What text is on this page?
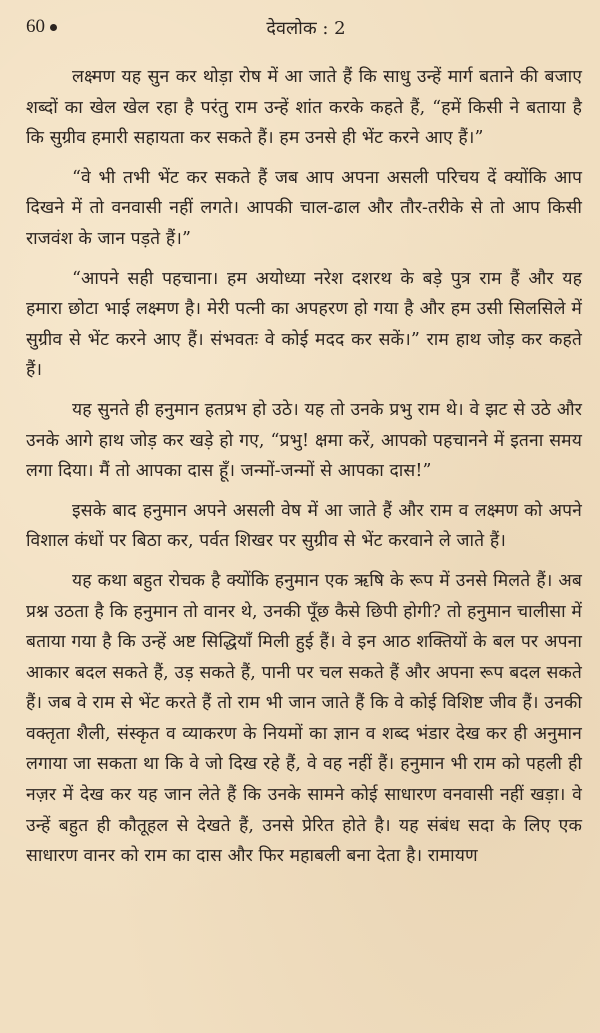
60	देवलोक : 2

लक्ष्मण यह सुन कर थोड़ा रोष में आ जाते हैं कि साधु उन्हें मार्ग बताने की बजाए शब्दों का खेल खेल रहा है परंतु राम उन्हें शांत करके कहते हैं, “हमें किसी ने बताया है कि सुग्रीव हमारी सहायता कर सकते हैं। हम उनसे ही भेंट करने आए हैं।”

“वे भी तभी भेंट कर सकते हैं जब आप अपना असली परिचय दें क्योंकि आप दिखने में तो वनवासी नहीं लगते। आपकी चाल-ढाल और तौर-तरीके से तो आप किसी राजवंश के जान पड़ते हैं।”

“आपने सही पहचाना। हम अयोध्या नरेश दशरथ के बड़े पुत्र राम हैं और यह हमारा छोटा भाई लक्ष्मण है। मेरी पत्नी का अपहरण हो गया है और हम उसी सिलसिले में सुग्रीव से भेंट करने आए हैं। संभवतः वे कोई मदद कर सकें।” राम हाथ जोड़ कर कहते हैं।

यह सुनते ही हनुमान हतप्रभ हो उठे। यह तो उनके प्रभु राम थे। वे झट से उठे और उनके आगे हाथ जोड़ कर खड़े हो गए, “प्रभु! क्षमा करें, आपको पहचानने में इतना समय लगा दिया। मैं तो आपका दास हूँ। जन्मों-जन्मों से आपका दास!”

इसके बाद हनुमान अपने असली वेष में आ जाते हैं और राम व लक्ष्मण को अपने विशाल कंधों पर बिठा कर, पर्वत शिखर पर सुग्रीव से भेंट करवाने ले जाते हैं।

यह कथा बहुत रोचक है क्योंकि हनुमान एक ऋषि के रूप में उनसे मिलते हैं। अब प्रश्न उठता है कि हनुमान तो वानर थे, उनकी पूँछ कैसे छिपी होगी? तो हनुमान चालीसा में बताया गया है कि उन्हें अष्ट सिद्धियाँ मिली हुई हैं। वे इन आठ शक्तियों के बल पर अपना आकार बदल सकते हैं, उड़ सकते हैं, पानी पर चल सकते हैं और अपना रूप बदल सकते हैं। जब वे राम से भेंट करते हैं तो राम भी जान जाते हैं कि वे कोई विशिष्ट जीव हैं। उनकी वक्तृता शैली, संस्कृत व व्याकरण के नियमों का ज्ञान व शब्द भंडार देख कर ही अनुमान लगाया जा सकता था कि वे जो दिख रहे हैं, वे वह नहीं हैं। हनुमान भी राम को पहली ही नज़र में देख कर यह जान लेते हैं कि उनके सामने कोई साधारण वनवासी नहीं खड़ा। वे उन्हें बहुत ही कौतूहल से देखते हैं, उनसे प्रेरित होते है। यह संबंध सदा के लिए एक साधारण वानर को राम का दास और फिर महाबली बना देता है। रामायण
